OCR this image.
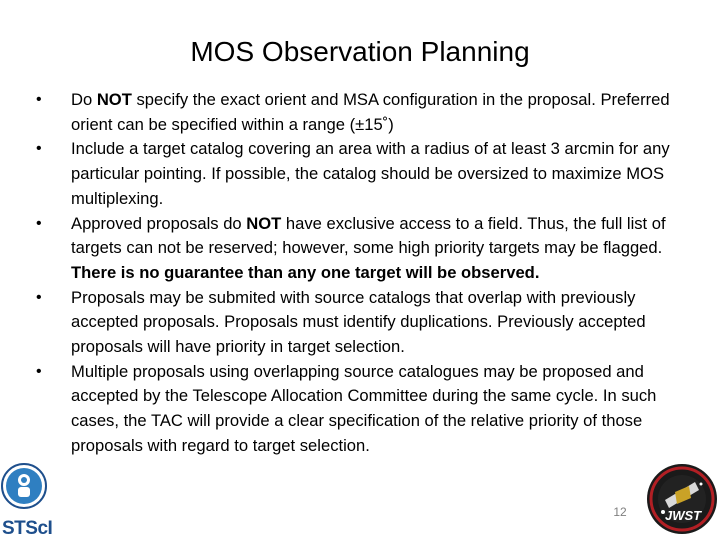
MOS Observation Planning
•	Do NOT specify the exact orient and MSA configuration in the proposal. Preferred orient can be specified within a range (±15˚)
•	Include a target catalog covering an area with a radius of at least 3 arcmin for any particular pointing. If possible, the catalog should be oversized to maximize MOS multiplexing.
•	Approved proposals do NOT have exclusive access to a field. Thus, the full list of targets can not be reserved; however, some high priority targets may be flagged. There is no guarantee than any one target will be observed.
•	Proposals may be submited with source catalogs that overlap with previously accepted proposals. Proposals must identify duplications. Previously accepted proposals will have priority in target selection.
•	Multiple proposals using overlapping source catalogues may be proposed and accepted by the Telescope Allocation Committee during the same cycle. In such cases, the TAC will provide a clear specification of the relative priority of those proposals with regard to target selection.
STScI
12	JWST
